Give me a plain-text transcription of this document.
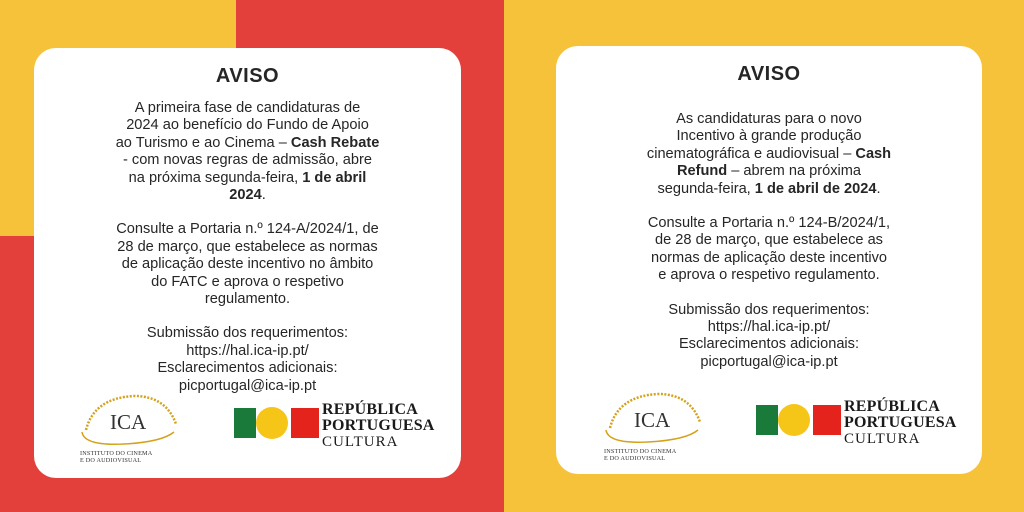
AVISO
A primeira fase de candidaturas de
2024 ao benefício do Fundo de Apoio
ao Turismo e ao Cinema – Cash Rebate
- com novas regras de admissão, abre
na próxima segunda-feira, 1 de abril
2024.
Consulte a Portaria n.º 124-A/2024/1, de
28 de março, que estabelece as normas
de aplicação deste incentivo no âmbito
do FATC e aprova o respetivo
regulamento.
Submissão dos requerimentos:
https://hal.ica-ip.pt/
Esclarecimentos adicionais:
picportugal@ica-ip.pt
ICA
INSTITUTO DO CINEMA
E DO AUDIOVISUAL
REPÚBLICA
PORTUGUESA
CULTURA
AVISO
As candidaturas para o novo
Incentivo à grande produção
cinematográfica e audiovisual – Cash
Refund – abrem na próxima
segunda-feira, 1 de abril de 2024.
Consulte a Portaria n.º 124-B/2024/1,
de 28 de março, que estabelece as
normas de aplicação deste incentivo
e aprova o respetivo regulamento.
Submissão dos requerimentos:
https://hal.ica-ip.pt/
Esclarecimentos adicionais:
picportugal@ica-ip.pt
ICA
INSTITUTO DO CINEMA
E DO AUDIOVISUAL
REPÚBLICA
PORTUGUESA
CULTURA
